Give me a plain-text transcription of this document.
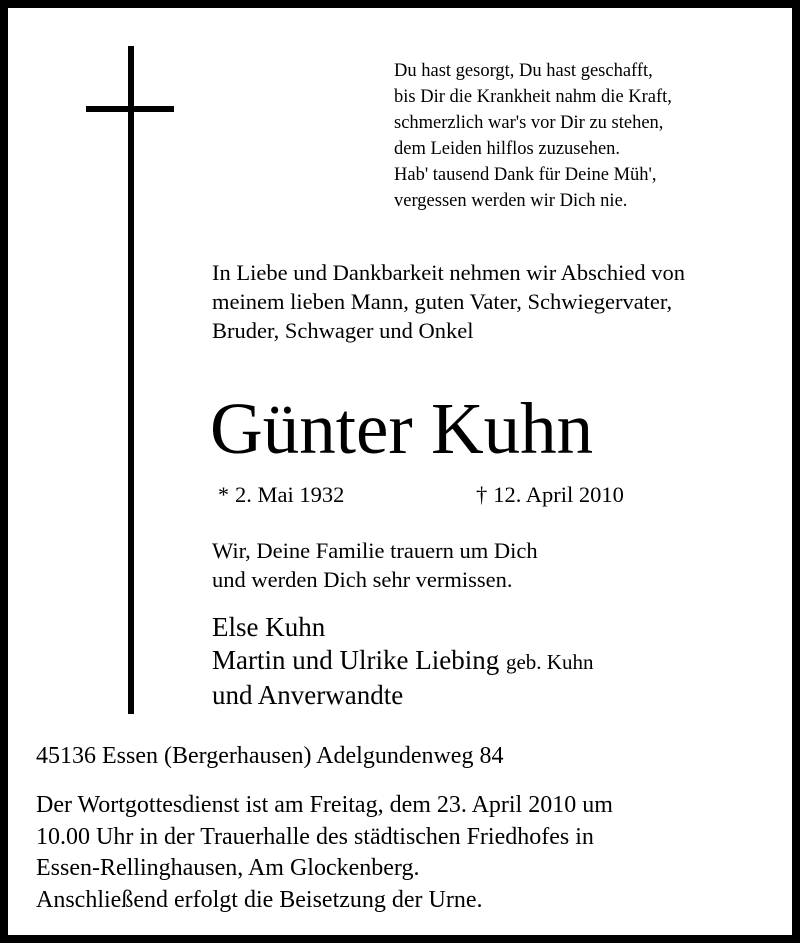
Du hast gesorgt, Du hast geschafft,
bis Dir die Krankheit nahm die Kraft,
schmerzlich war's vor Dir zu stehen,
dem Leiden hilflos zuzusehen.
Hab' tausend Dank für Deine Müh',
vergessen werden wir Dich nie.
In Liebe und Dankbarkeit nehmen wir Abschied von
meinem lieben Mann, guten Vater, Schwiegervater,
Bruder, Schwager und Onkel
Günter Kuhn
* 2. Mai 1932	† 12. April 2010
Wir, Deine Familie trauern um Dich
und werden Dich sehr vermissen.
Else Kuhn
Martin und Ulrike Liebing geb. Kuhn
und Anverwandte
45136 Essen (Bergerhausen) Adelgundenweg 84
Der Wortgottesdienst ist am Freitag, dem 23. April 2010 um
10.00 Uhr in der Trauerhalle des städtischen Friedhofes in
Essen-Rellinghausen, Am Glockenberg.
Anschließend erfolgt die Beisetzung der Urne.
